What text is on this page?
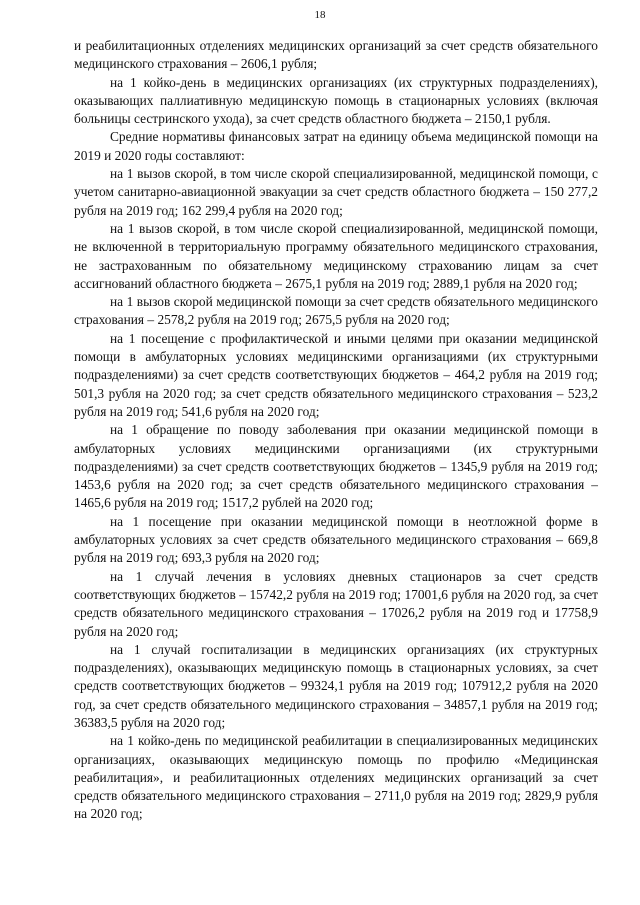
18

и реабилитационных отделениях медицинских организаций за счет средств обязательного медицинского страхования – 2606,1 рубля;

на 1 койко-день в медицинских организациях (их структурных подразделениях), оказывающих паллиативную медицинскую помощь в стационарных условиях (включая больницы сестринского ухода), за счет средств областного бюджета – 2150,1 рубля.

Средние нормативы финансовых затрат на единицу объема медицинской помощи на 2019 и 2020 годы составляют:

на 1 вызов скорой, в том числе скорой специализированной, медицинской помощи, с учетом санитарно-авиационной эвакуации за счет средств областного бюджета – 150 277,2 рубля на 2019 год; 162 299,4 рубля на 2020 год;

на 1 вызов скорой, в том числе скорой специализированной, медицинской помощи, не включенной в территориальную программу обязательного медицинского страхования, не застрахованным по обязательному медицинскому страхованию лицам за счет ассигнований областного бюджета – 2675,1 рубля на 2019 год; 2889,1 рубля на 2020 год;

на 1 вызов скорой медицинской помощи за счет средств обязательного медицинского страхования – 2578,2 рубля на 2019 год; 2675,5 рубля на 2020 год;

на 1 посещение с профилактической и иными целями при оказании медицинской помощи в амбулаторных условиях медицинскими организациями (их структурными подразделениями) за счет средств соответствующих бюджетов – 464,2 рубля на 2019 год; 501,3 рубля на 2020 год; за счет средств обязательного медицинского страхования – 523,2 рубля на 2019 год; 541,6 рубля на 2020 год;

на 1 обращение по поводу заболевания при оказании медицинской помощи в амбулаторных условиях медицинскими организациями (их структурными подразделениями) за счет средств соответствующих бюджетов – 1345,9 рубля на 2019 год; 1453,6 рубля на 2020 год; за счет средств обязательного медицинского страхования – 1465,6 рубля на 2019 год; 1517,2 рублей на 2020 год;

на 1 посещение при оказании медицинской помощи в неотложной форме в амбулаторных условиях за счет средств обязательного медицинского страхования – 669,8 рубля на 2019 год; 693,3 рубля на 2020 год;

на 1 случай лечения в условиях дневных стационаров за счет средств соответствующих бюджетов – 15742,2 рубля на 2019 год; 17001,6 рубля на 2020 год, за счет средств обязательного медицинского страхования – 17026,2 рубля на 2019 год и 17758,9 рубля на 2020 год;

на 1 случай госпитализации в медицинских организациях (их структурных подразделениях), оказывающих медицинскую помощь в стационарных условиях, за счет средств соответствующих бюджетов – 99324,1 рубля на 2019 год; 107912,2 рубля на 2020 год, за счет средств обязательного медицинского страхования – 34857,1 рубля на 2019 год; 36383,5 рубля на 2020 год;

на 1 койко-день по медицинской реабилитации в специализированных медицинских организациях, оказывающих медицинскую помощь по профилю «Медицинская реабилитация», и реабилитационных отделениях медицинских организаций за счет средств обязательного медицинского страхования – 2711,0 рубля на 2019 год; 2829,9 рубля на 2020 год;
